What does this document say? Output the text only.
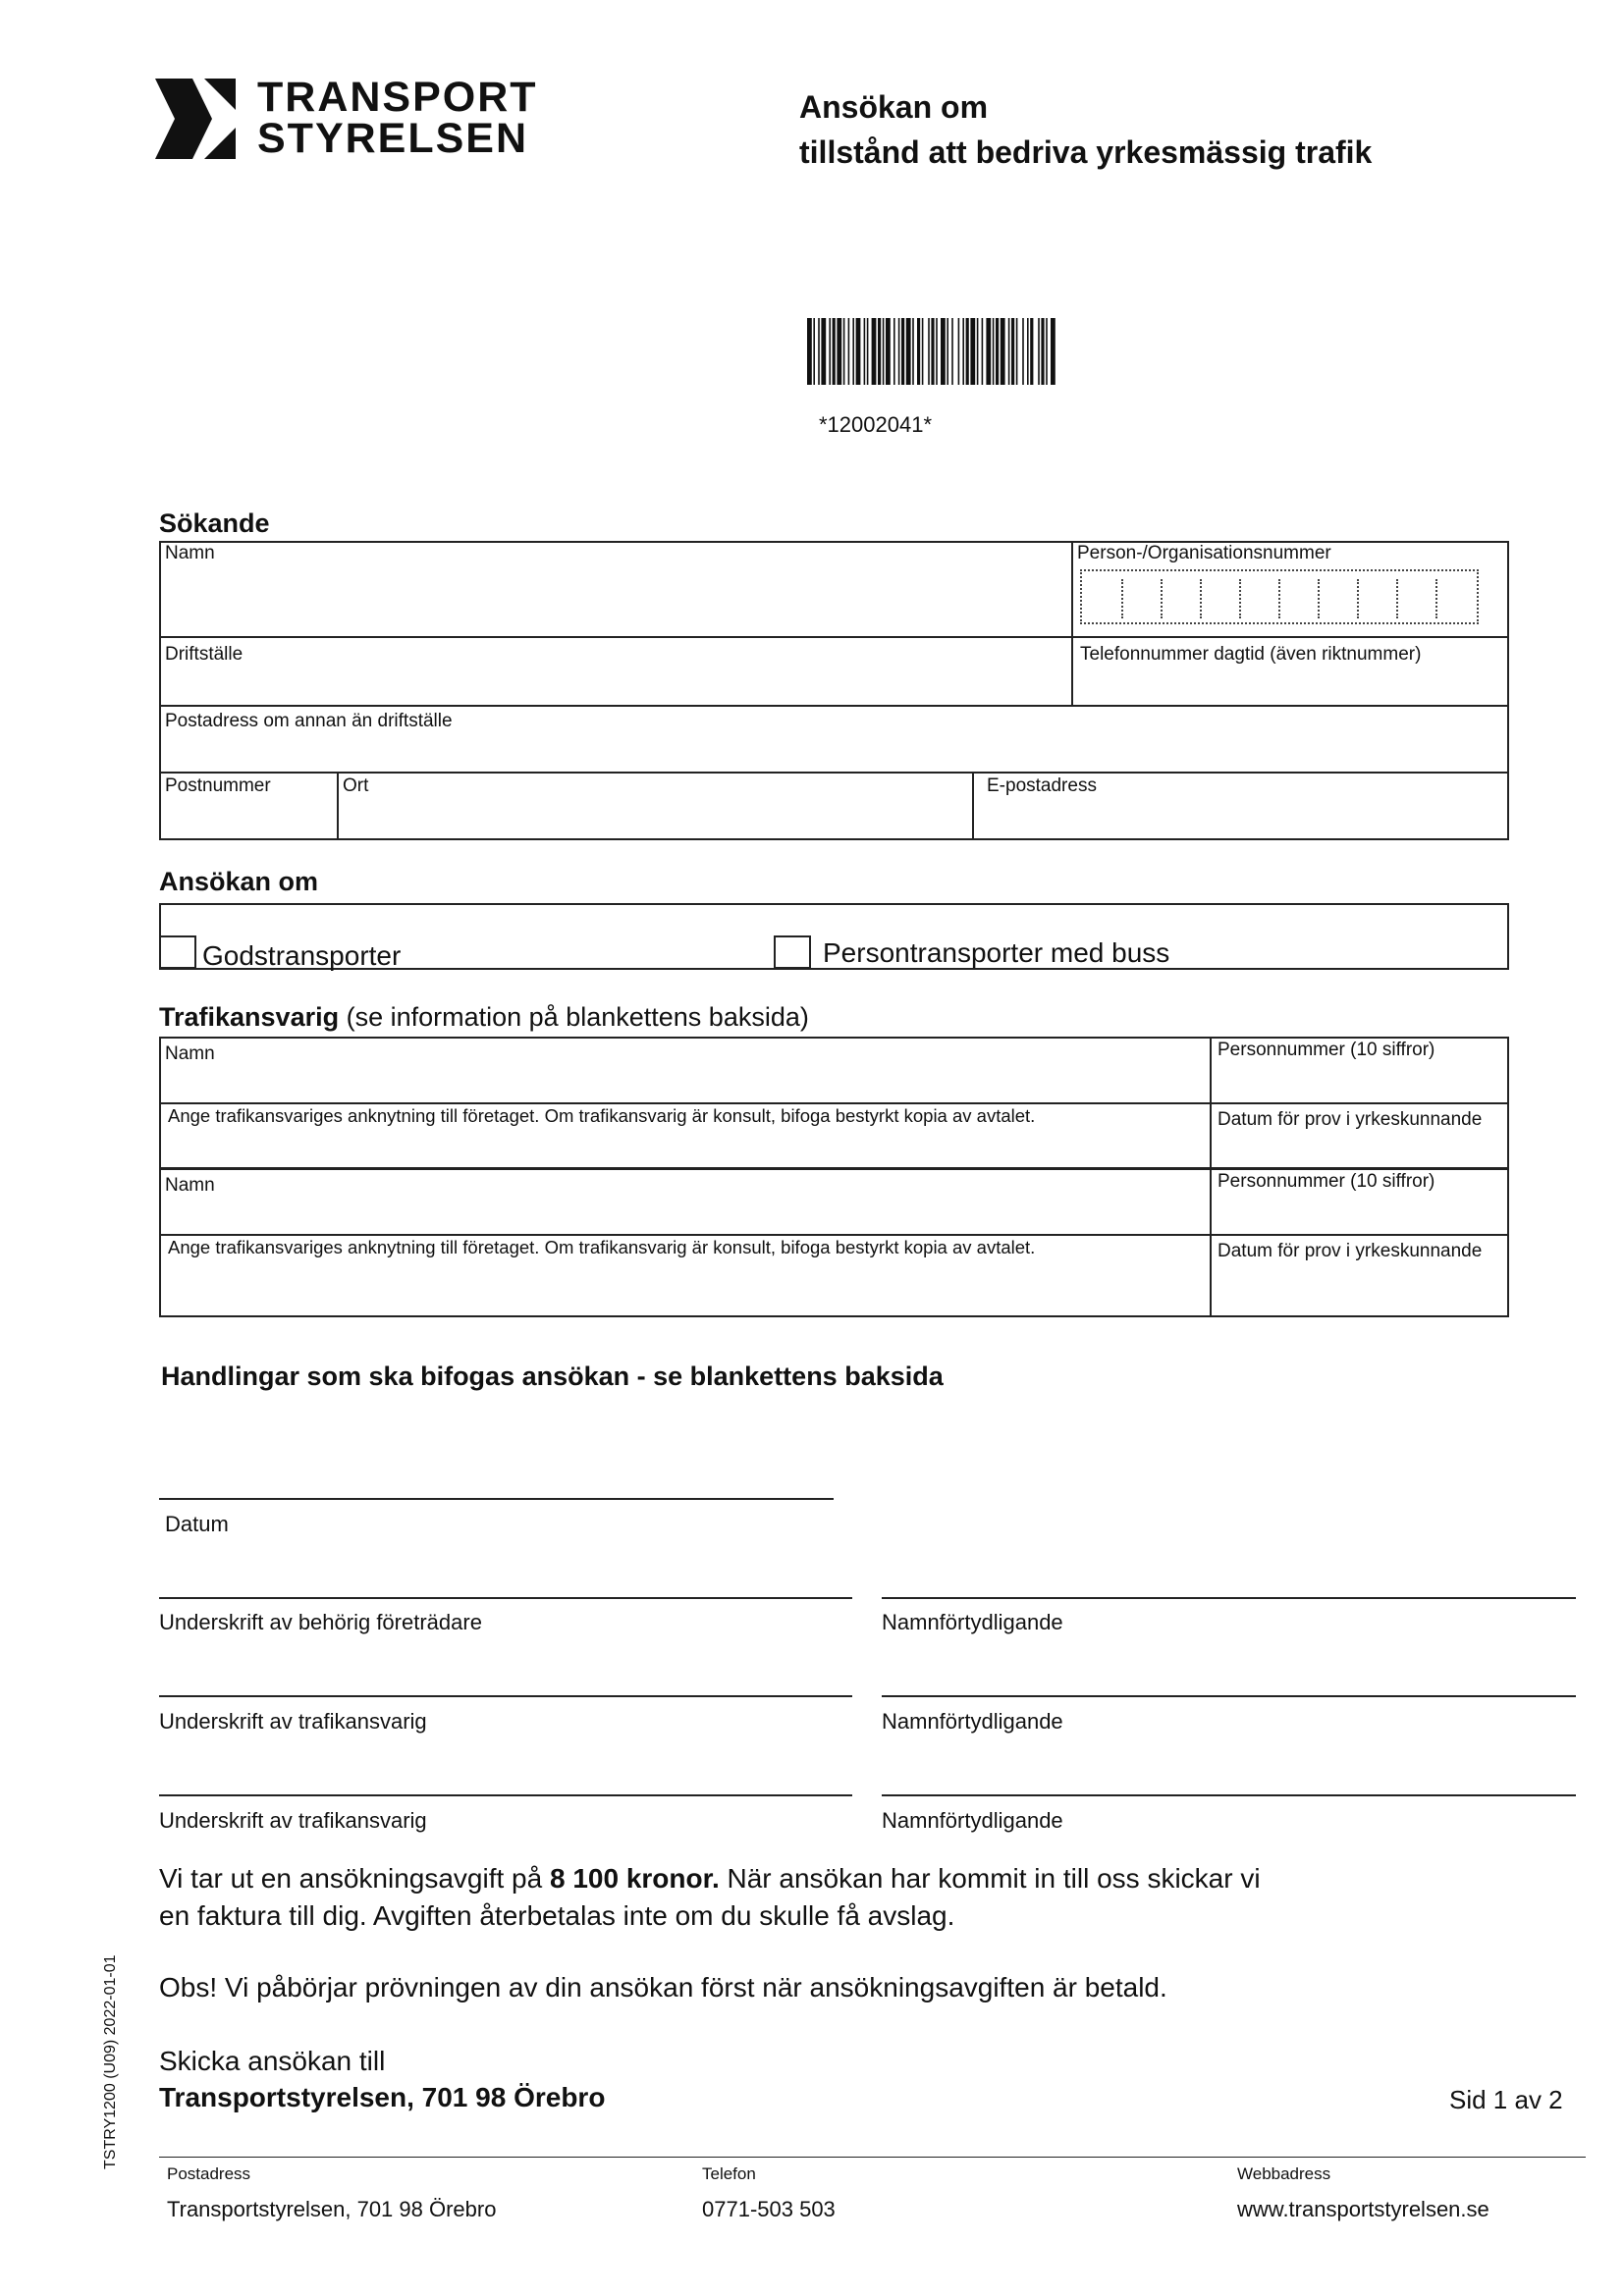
TRANSPORT
STYRELSEN
Ansökan om
tillstånd att bedriva yrkesmässig trafik
*12002041*
Sökande
Namn	Person-/Organisationsnummer
Driftställe	Telefonnummer dagtid (även riktnummer)
Postadress om annan än driftställe
Postnummer	Ort	E-postadress
Ansökan om
Godstransporter	Persontransporter med buss
Trafikansvarig (se information på blankettens baksida)
Namn	Personnummer (10 siffror)
Ange trafikansvariges anknytning till företaget. Om trafikansvarig är konsult, bifoga bestyrkt kopia av avtalet.	Datum för prov i yrkeskunnande
Namn	Personnummer (10 siffror)
Ange trafikansvariges anknytning till företaget. Om trafikansvarig är konsult, bifoga bestyrkt kopia av avtalet.	Datum för prov i yrkeskunnande
Handlingar som ska bifogas ansökan - se blankettens baksida
Datum
Underskrift av behörig företrädare	Namnförtydligande
Underskrift av trafikansvarig	Namnförtydligande
Underskrift av trafikansvarig	Namnförtydligande
Vi tar ut en ansökningsavgift på 8 100 kronor. När ansökan har kommit in till oss skickar vi
en faktura till dig. Avgiften återbetalas inte om du skulle få avslag.
Obs! Vi påbörjar prövningen av din ansökan först när ansökningsavgiften är betald.
Skicka ansökan till
Transportstyrelsen, 701 98 Örebro	Sid 1 av 2
TSTRY1200 (U09) 2022-01-01
Postadress
Transportstyrelsen, 701 98 Örebro
Telefon
0771-503 503
Webbadress
www.transportstyrelsen.se
